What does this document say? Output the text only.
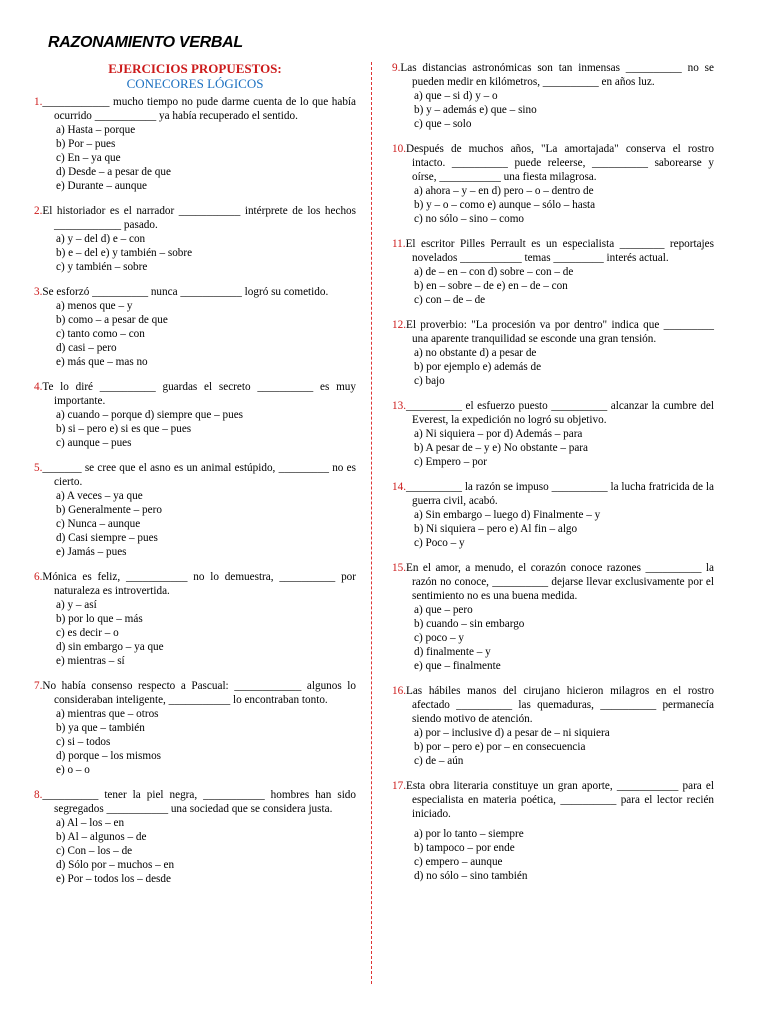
RAZONAMIENTO VERBAL
EJERCICIOS PROPUESTOS:
CONECORES LÓGICOS
1.____________ mucho tiempo no pude darme cuenta de lo que había ocurrido ___________ ya había recuperado el sentido.
a) Hasta – porque
b) Por – pues
c) En – ya que
d) Desde – a pesar de que
e) Durante – aunque
2.El historiador es el narrador ___________ intérprete de los hechos ____________ pasado.
a) y – del d) e – con
b) e – del e) y también – sobre
c) y también – sobre
3.Se esforzó __________ nunca ___________ logró su cometido.
a) menos que – y
b) como – a pesar de que
c) tanto como – con
d) casi – pero
e) más que – mas no
4.Te lo diré __________ guardas el secreto __________ es muy importante.
a) cuando – porque d) siempre que – pues
b) si – pero e) si es que – pues
c) aunque – pues
5._______ se cree que el asno es un animal estúpido, _________ no es cierto.
a) A veces – ya que
b) Generalmente – pero
c) Nunca – aunque
d) Casi siempre – pues
e) Jamás – pues
6.Mónica es feliz, ___________ no lo demuestra, __________ por naturaleza es introvertida.
a) y – así
b) por lo que – más
c) es decir – o
d) sin embargo – ya que
e) mientras – sí
7.No había consenso respecto a Pascual: ____________ algunos lo consideraban inteligente, ___________ lo encontraban tonto.
a) mientras que – otros
b) ya que – también
c) si – todos
d) porque – los mismos
e) o – o
8.__________ tener la piel negra, ___________ hombres han sido segregados ___________ una sociedad que se considera justa.
a) Al – los – en
b) Al – algunos – de
c) Con – los – de
d) Sólo por – muchos – en
e) Por – todos los – desde
9.Las distancias astronómicas son tan inmensas __________ no se pueden medir en kilómetros, __________ en años luz.
a) que – si d) y – o
b) y – además e) que – sino
c) que – solo
10.Después de muchos años, "La amortajada" conserva el rostro intacto. __________ puede releerse, __________ saborearse y oírse, ___________ una fiesta milagrosa.
a) ahora – y – en d) pero – o – dentro de
b) y – o – como e) aunque – sólo – hasta
c) no sólo – sino – como
11.El escritor Pilles Perrault es un especialista ________ reportajes novelados ___________ temas _________ interés actual.
a) de – en – con d) sobre – con – de
b) en – sobre – de e) en – de – con
c) con – de – de
12.El proverbio: "La procesión va por dentro" indica que _________ una aparente tranquilidad se esconde una gran tensión.
a) no obstante d) a pesar de
b) por ejemplo e) además de
c) bajo
13.__________ el esfuerzo puesto __________ alcanzar la cumbre del Everest, la expedición no logró su objetivo.
a) Ni siquiera – por d) Además – para
b) A pesar de – y e) No obstante – para
c) Empero – por
14.__________ la razón se impuso __________ la lucha fratricida de la guerra civil, acabó.
a) Sin embargo – luego d) Finalmente – y
b) Ni siquiera – pero e) Al fin – algo
c) Poco – y
15.En el amor, a menudo, el corazón conoce razones __________ la razón no conoce, __________ dejarse llevar exclusivamente por el sentimiento no es una buena medida.
a) que – pero
b) cuando – sin embargo
c) poco – y
d) finalmente – y
e) que – finalmente
16.Las hábiles manos del cirujano hicieron milagros en el rostro afectado __________ las quemaduras, __________ permanecía siendo motivo de atención.
a) por – inclusive d) a pesar de – ni siquiera
b) por – pero e) por – en consecuencia
c) de – aún
17.Esta obra literaria constituye un gran aporte, ___________ para el especialista en materia poética, __________ para el lector recién iniciado.
a) por lo tanto – siempre
b) tampoco – por ende
c) empero – aunque
d) no sólo – sino también
